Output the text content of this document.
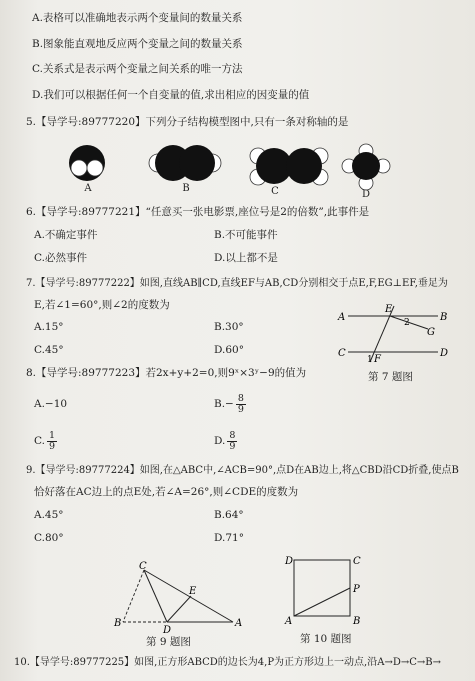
A.表格可以准确地表示两个变量间的数量关系
B.图象能直观地反应两个变量之间的数量关系
C.关系式是表示两个变量之间关系的唯一方法
D.我们可以根据任何一个自变量的值,求出相应的因变量的值
5.【导学号:89777220】下列分子结构模型图中,只有一条对称轴的是
A	B	C	D
6.【导学号:89777221】“任意买一张电影票,座位号是2的倍数”,此事件是
A.不确定事件	B.不可能事件
C.必然事件	D.以上都不是
7.【导学号:89777222】如图,直线AB∥CD,直线EF与AB,CD分别相交于点E,F,EG⊥EF,垂足为
E,若∠1=60°,则∠2的度数为
A.15°	B.30°
C.45°	D.60°
A	B
C	D
E
F
G
1
2
第 7 题图
8.【导学号:89777223】若2x+y+2=0,则9ˣ×3ʸ−9的值为
A.−10	$B.- \frac{8}{9}$
C. $\frac{1}{9}$	D. $\frac{8}{9}$
9.【导学号:89777224】如图,在△ABC中,∠ACB=90°,点D在AB边上,将△CBD沿CD折叠,使点B
恰好落在AC边上的点E处,若∠A=26°,则∠CDE的度数为
A.45°	B.64°
C.80°	D.71°
C
B
D
A
E
第 9 题图
D	C
A	B
P
第 10 题图
10.【导学号:89777225】如图,正方形ABCD的边长为4,P为正方形边上一动点,沿A→D→C→B→
